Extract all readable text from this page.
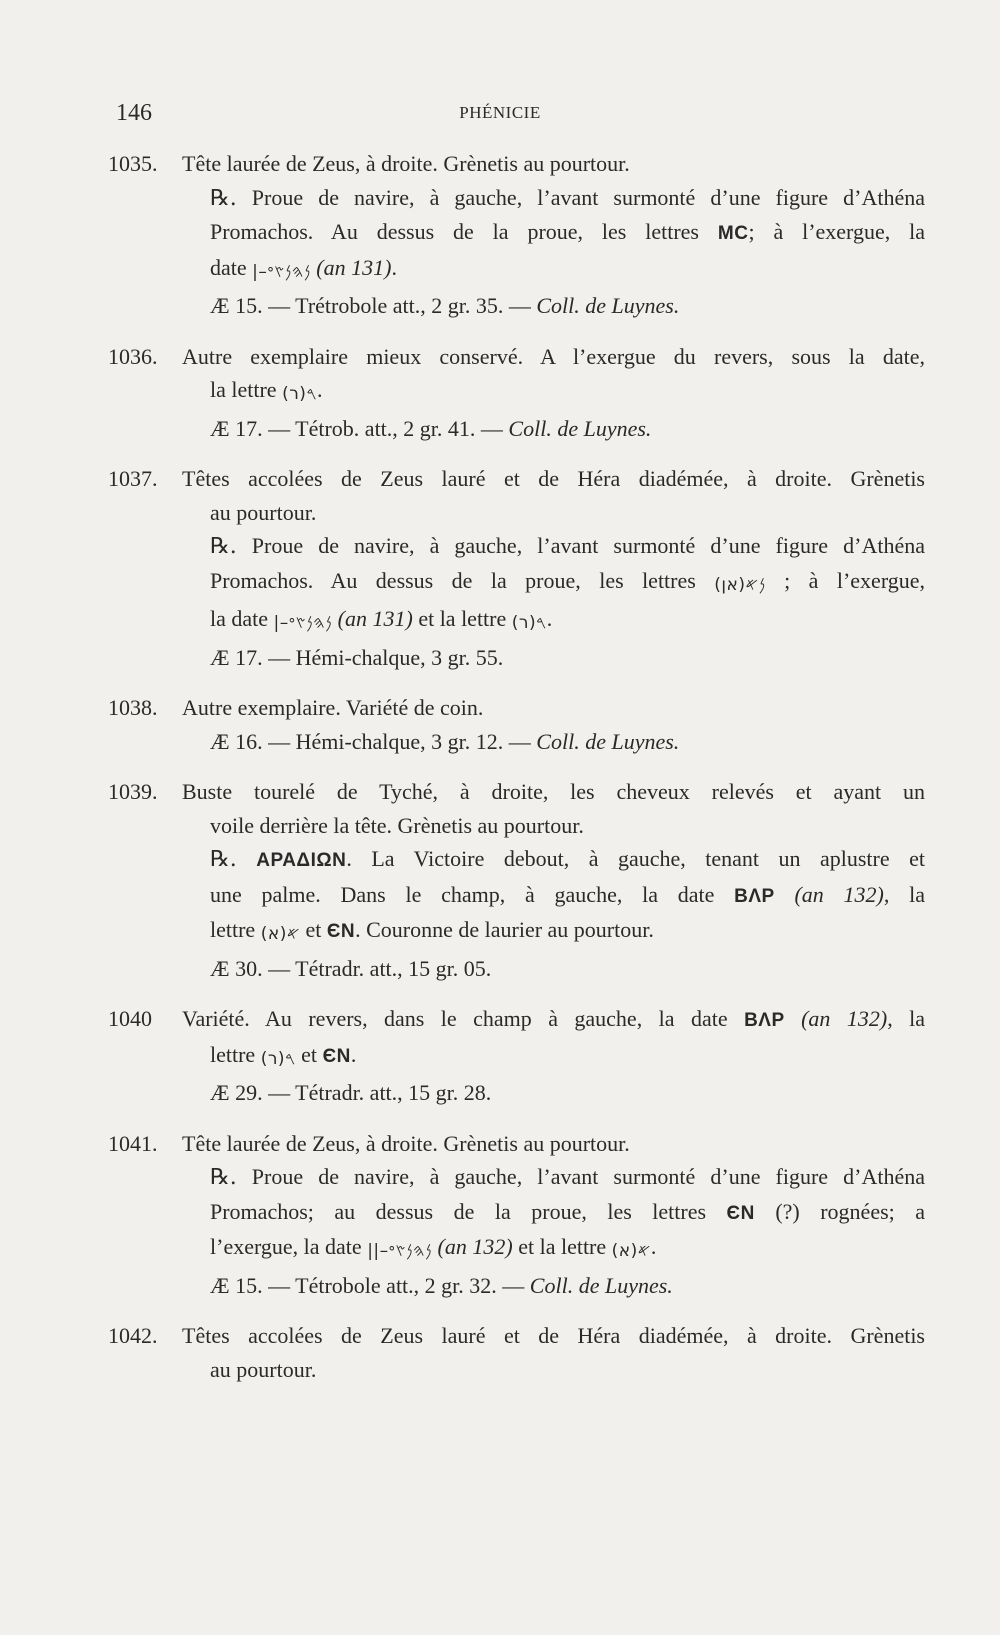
146	PHÉNICIE
1035. Tête laurée de Zeus, à droite. Grènetis au pourtour.
℞. Proue de navire, à gauche, l’avant surmonté d’une figure d’Athéna
Promachos. Au dessus de la proue, les lettres MC; à l’exergue, la
date |–𐤍𐤄𐤍𐤑𐤏 (an 131).
Æ 15. — Trétrobole att., 2 gr. 35. — Coll. de Luynes.
1036. Autre exemplaire mieux conservé. A l’exergue du revers, sous la date,
la lettre 𐤓(ר).
Æ 17. — Tétrob. att., 2 gr. 41. — Coll. de Luynes.
1037. Têtes accolées de Zeus lauré et de Héra diadémée, à droite. Grènetis
au pourtour.
℞. Proue de navire, à gauche, l’avant surmonté d’une figure d’Athéna
Promachos. Au dessus de la proue, les lettres 𐤍𐤀(אן) ; à l’exergue,
la date |–𐤍𐤄𐤍𐤑𐤏 (an 131) et la lettre 𐤓(ר).
Æ 17. — Hémi-chalque, 3 gr. 55.
1038. Autre exemplaire. Variété de coin.
Æ 16. — Hémi-chalque, 3 gr. 12. — Coll. de Luynes.
1039. Buste tourelé de Tyché, à droite, les cheveux relevés et ayant un
voile derrière la tête. Grènetis au pourtour.
℞. ΑΡΑΔΙΩΝ. La Victoire debout, à gauche, tenant un aplustre et
une palme. Dans le champ, à gauche, la date ΒΛΡ (an 132), la
lettre 𐤀(א) et ЄΝ. Couronne de laurier au pourtour.
Æ 30. — Tétradr. att., 15 gr. 05.
1040 Variété. Au revers, dans le champ à gauche, la date ΒΛΡ (an 132), la
lettre 𐤓(ר) et ЄΝ.
Æ 29. — Tétradr. att., 15 gr. 28.
1041. Tête laurée de Zeus, à droite. Grènetis au pourtour.
℞. Proue de navire, à gauche, l’avant surmonté d’une figure d’Athéna
Promachos; au dessus de la proue, les lettres ЄΝ (?) rognées; a
l’exergue, la date ||–𐤍𐤄𐤍𐤑𐤏 (an 132) et la lettre 𐤀(א).
Æ 15. — Tétrobole att., 2 gr. 32. — Coll. de Luynes.
1042. Têtes accolées de Zeus lauré et de Héra diadémée, à droite. Grènetis
au pourtour.
